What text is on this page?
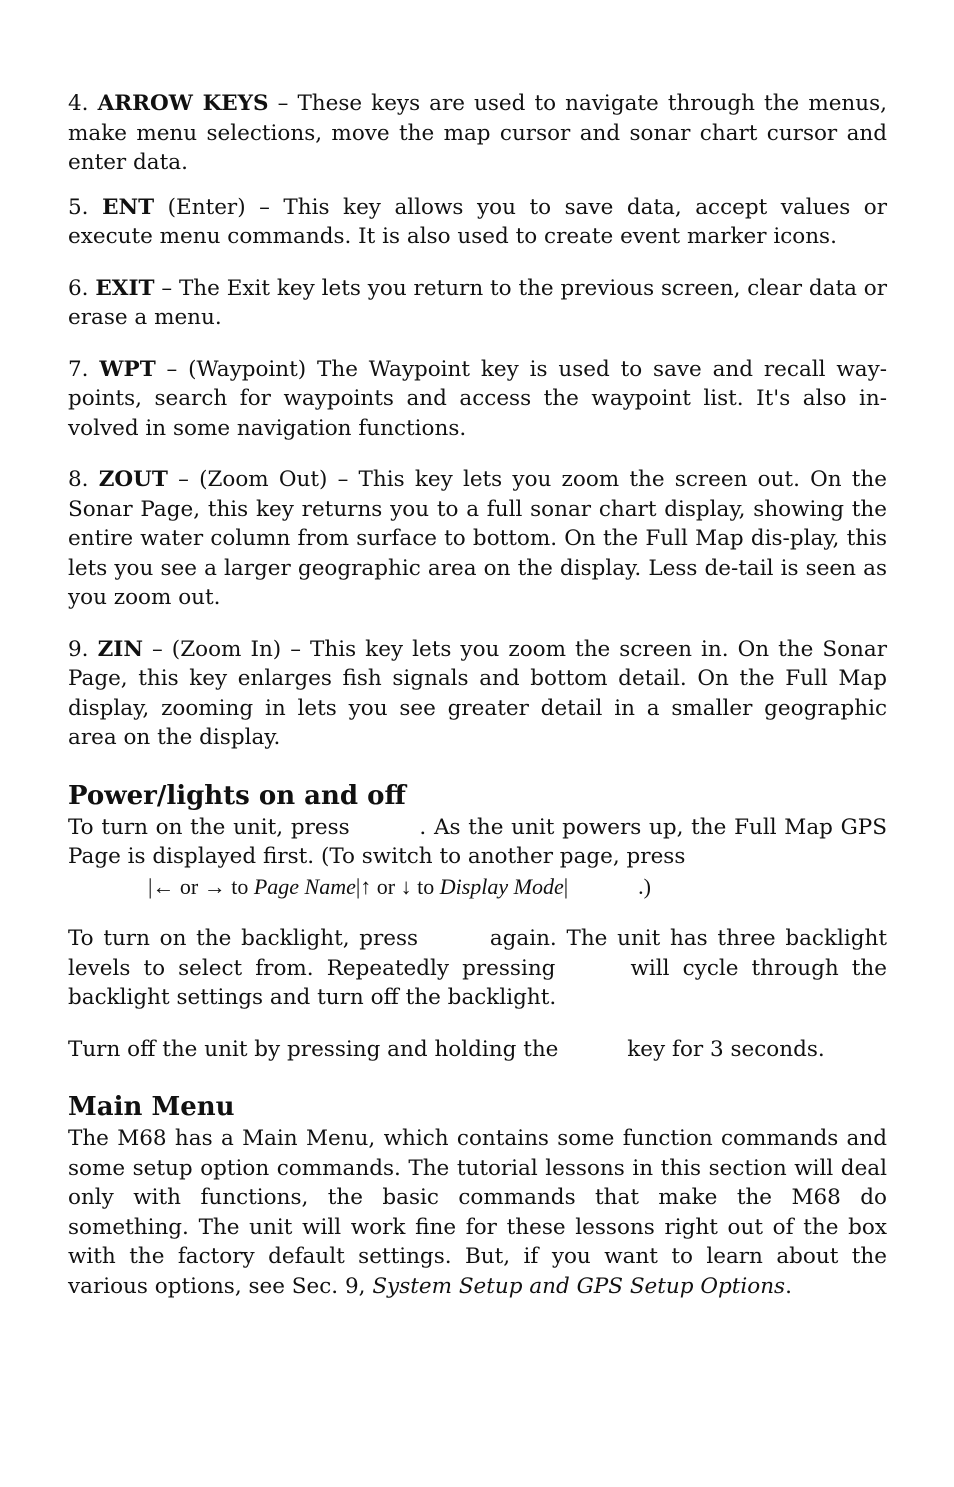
4. ARROW KEYS – These keys are used to navigate through the menus, make menu selections, move the map cursor and sonar chart cursor and enter data.

5. ENT (Enter) – This key allows you to save data, accept values or execute menu commands. It is also used to create event marker icons.

6. EXIT – The Exit key lets you return to the previous screen, clear data or erase a menu.

7. WPT – (Waypoint) The Waypoint key is used to save and recall way-points, search for waypoints and access the waypoint list. It's also in-volved in some navigation functions.

8. ZOUT – (Zoom Out) – This key lets you zoom the screen out. On the Sonar Page, this key returns you to a full sonar chart display, showing the entire water column from surface to bottom. On the Full Map dis-play, this lets you see a larger geographic area on the display. Less de-tail is seen as you zoom out.

9. ZIN – (Zoom In) – This key lets you zoom the screen in. On the Sonar Page, this key enlarges fish signals and bottom detail. On the Full Map display, zooming in lets you see greater detail in a smaller geographic area on the display.

Power/lights on and off

To turn on the unit, press	. As the unit powers up, the Full Map GPS Page is displayed first. (To switch to another page, press
|← or → to Page Name|↑ or ↓ to Display Mode|	.)

To turn on the backlight, press	again. The unit has three backlight levels to select from. Repeatedly pressing	will cycle through the backlight settings and turn off the backlight.

Turn off the unit by pressing and holding the	key for 3 seconds.

Main Menu

The M68 has a Main Menu, which contains some function commands and some setup option commands. The tutorial lessons in this section will deal only with functions, the basic commands that make the M68 do something. The unit will work fine for these lessons right out of the box with the factory default settings. But, if you want to learn about the various options, see Sec. 9, System Setup and GPS Setup Options.
